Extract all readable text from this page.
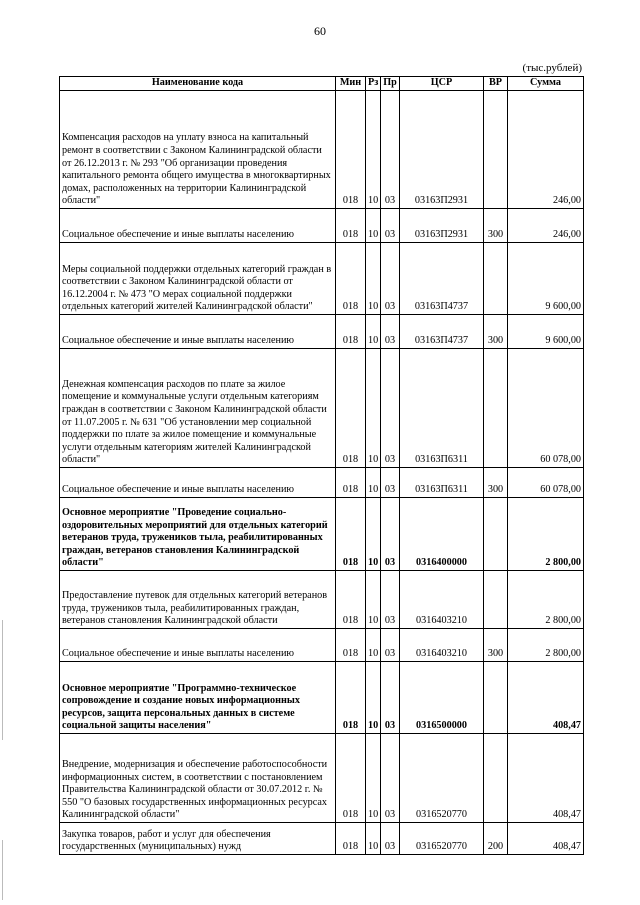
60
(тыс.рублей)
Наименование кода	Мин	Рз	Пр	ЦСР	ВР	Сумма
Компенсация расходов на уплату взноса на капитальный ремонт в соответствии с Законом Калининградской области от 26.12.2013 г. № 293 "Об организации проведения капитального ремонта общего имущества в многоквартирных домах, расположенных на территории Калининградской области"	018	10	03	03163П2931		246,00
Социальное обеспечение и иные выплаты населению	018	10	03	03163П2931	300	246,00
Меры социальной поддержки отдельных категорий граждан в соответствии с Законом Калининградской области от 16.12.2004 г. № 473 "О мерах социальной поддержки отдельных категорий жителей Калининградской области"	018	10	03	03163П4737		9 600,00
Социальное обеспечение и иные выплаты населению	018	10	03	03163П4737	300	9 600,00
Денежная компенсация расходов по плате за жилое помещение и коммунальные услуги отдельным категориям граждан в соответствии с Законом Калининградской области от 11.07.2005 г. № 631 "Об установлении мер социальной поддержки по плате за жилое помещение и коммунальные услуги отдельным категориям жителей Калининградской области"	018	10	03	03163П6311		60 078,00
Социальное обеспечение и иные выплаты населению	018	10	03	03163П6311	300	60 078,00
Основное мероприятие "Проведение социально-оздоровительных мероприятий для отдельных категорий ветеранов труда, тружеников тыла, реабилитированных граждан, ветеранов становления Калининградской области"	018	10	03	0316400000		2 800,00
Предоставление путевок для отдельных категорий ветеранов труда, тружеников тыла, реабилитированных граждан, ветеранов становления Калининградской области	018	10	03	0316403210		2 800,00
Социальное обеспечение и иные выплаты населению	018	10	03	0316403210	300	2 800,00
Основное мероприятие "Программно-техническое сопровождение и создание новых информационных ресурсов, защита персональных данных в системе социальной защиты населения"	018	10	03	0316500000		408,47
Внедрение, модернизация и обеспечение работоспособности информационных систем, в соответствии с постановлением Правительства Калининградской области от 30.07.2012 г. № 550 "О базовых государственных информационных ресурсах Калининградской области"	018	10	03	0316520770		408,47
Закупка товаров, работ и услуг для обеспечения государственных (муниципальных) нужд	018	10	03	0316520770	200	408,47
